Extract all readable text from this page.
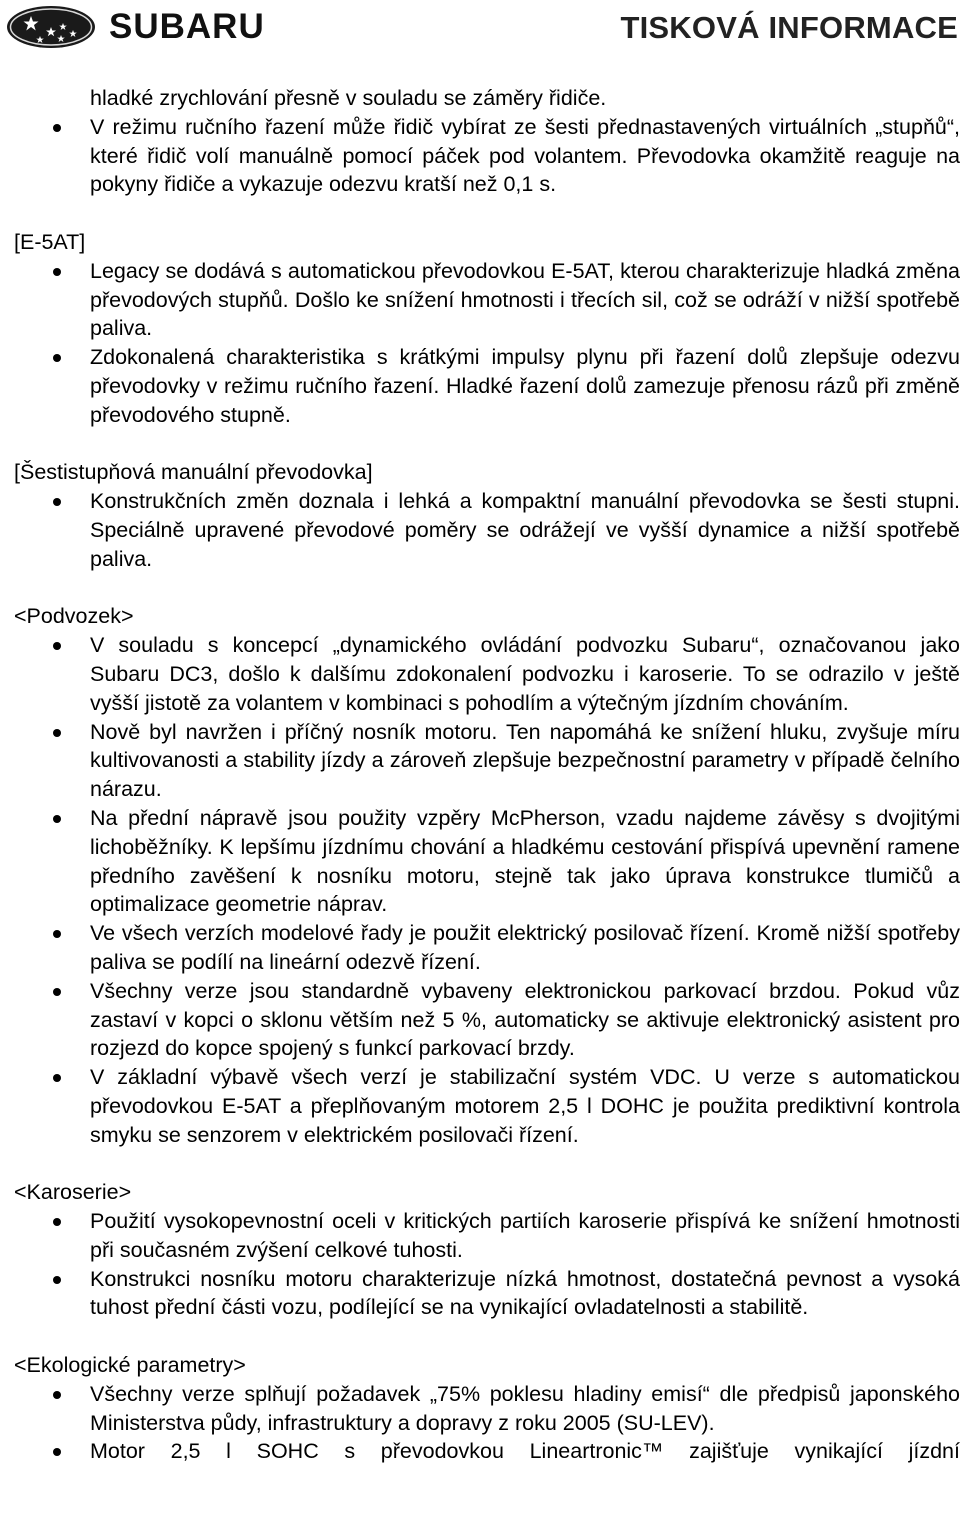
SUBARU	TISKOVÁ INFORMACE

hladké zrychlování přesně v souladu se záměry řidiče.

V režimu ručního řazení může řidič vybírat ze šesti přednastavených virtuálních „stupňů“, které řidič volí manuálně pomocí páček pod volantem. Převodovka okamžitě reaguje na pokyny řidiče a vykazuje odezvu kratší než 0,1 s.
[E-5AT]
Legacy se dodává s automatickou převodovkou E-5AT, kterou charakterizuje hladká změna převodových stupňů. Došlo ke snížení hmotnosti i třecích sil, což se odráží v nižší spotřebě paliva.
Zdokonalená charakteristika s krátkými impulsy plynu při řazení dolů zlepšuje odezvu převodovky v režimu ručního řazení. Hladké řazení dolů zamezuje přenosu rázů při změně převodového stupně.
[Šestistupňová manuální převodovka]
Konstrukčních změn doznala i lehká a kompaktní manuální převodovka se šesti stupni. Speciálně upravené převodové poměry se odrážejí ve vyšší dynamice a nižší spotřebě paliva.
<Podvozek>
V souladu s koncepcí „dynamického ovládání podvozku Subaru“, označovanou jako Subaru DC3, došlo k dalšímu zdokonalení podvozku i karoserie. To se odrazilo v ještě vyšší jistotě za volantem v kombinaci s pohodlím a výtečným jízdním chováním.
Nově byl navržen i příčný nosník motoru. Ten napomáhá ke snížení hluku, zvyšuje míru kultivovanosti a stability jízdy a zároveň zlepšuje bezpečnostní parametry v případě čelního nárazu.
Na přední nápravě jsou použity vzpěry McPherson, vzadu najdeme závěsy s dvojitými lichoběžníky. K lepšímu jízdnímu chování a hladkému cestování přispívá upevnění ramene předního zavěšení k nosníku motoru, stejně tak jako úprava konstrukce tlumičů a optimalizace geometrie náprav.
Ve všech verzích modelové řady je použit elektrický posilovač řízení. Kromě nižší spotřeby paliva se podílí na lineární odezvě řízení.
Všechny verze jsou standardně vybaveny elektronickou parkovací brzdou. Pokud vůz zastaví v kopci o sklonu větším než 5 %, automaticky se aktivuje elektronický asistent pro rozjezd do kopce spojený s funkcí parkovací brzdy.
V základní výbavě všech verzí je stabilizační systém VDC. U verze s automatickou převodovkou E-5AT a přeplňovaným motorem 2,5 l DOHC je použita prediktivní kontrola smyku se senzorem v elektrickém posilovači řízení.
<Karoserie>
Použití vysokopevnostní oceli v kritických partiích karoserie přispívá ke snížení hmotnosti při současném zvýšení celkové tuhosti.
Konstrukci nosníku motoru charakterizuje nízká hmotnost, dostatečná pevnost a vysoká tuhost přední části vozu, podílející se na vynikající ovladatelnosti a stabilitě.
<Ekologické parametry>
Všechny verze splňují požadavek „75% poklesu hladiny emisí“ dle předpisů japonského Ministerstva půdy, infrastruktury a dopravy z roku 2005 (SU-LEV).
Motor 2,5 l SOHC s převodovkou Lineartronic™ zajišťuje vynikající jízdní
